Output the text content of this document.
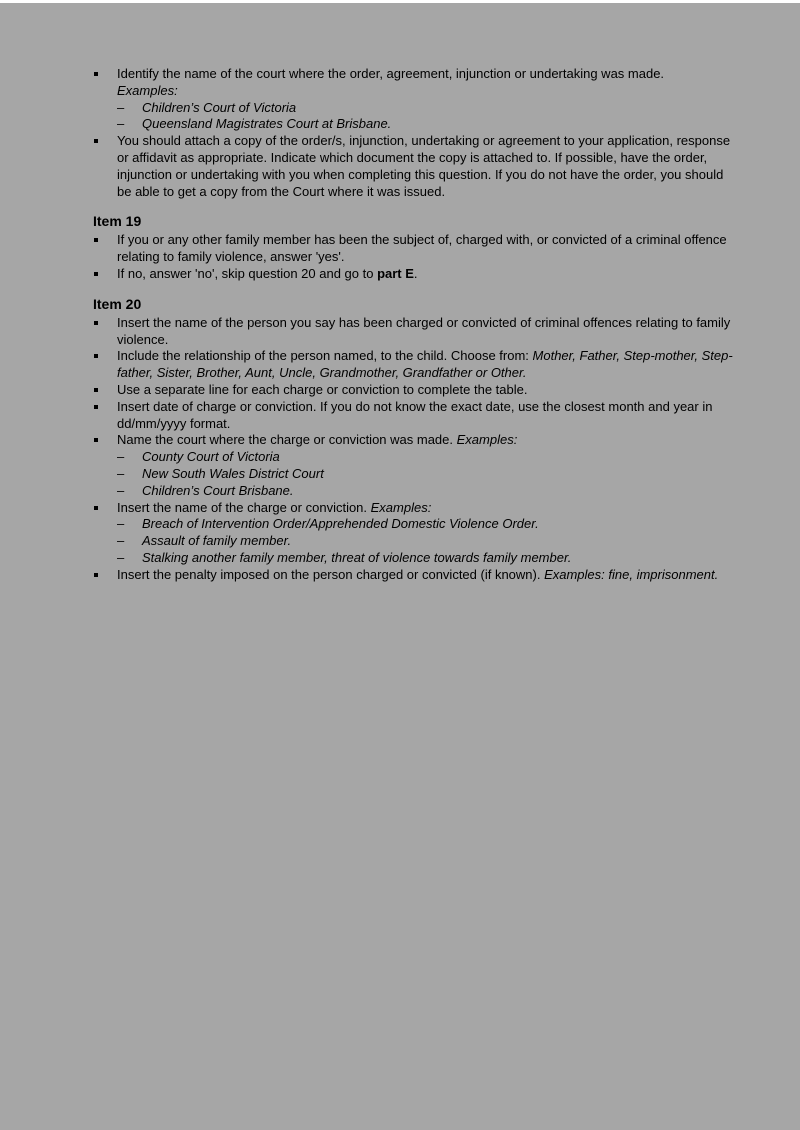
Identify the name of the court where the order, agreement, injunction or undertaking was made.
Examples:
– Children’s Court of Victoria
– Queensland Magistrates Court at Brisbane.
You should attach a copy of the order/s, injunction, undertaking or agreement to your application, response or affidavit as appropriate. Indicate which document the copy is attached to. If possible, have the order, injunction or undertaking with you when completing this question. If you do not have the order, you should be able to get a copy from the Court where it was issued.
Item 19
If you or any other family member has been the subject of, charged with, or convicted of a criminal offence relating to family violence, answer 'yes'.
If no, answer 'no', skip question 20 and go to part E.
Item 20
Insert the name of the person you say has been charged or convicted of criminal offences relating to family violence.
Include the relationship of the person named, to the child. Choose from: Mother, Father, Step-mother, Step-father, Sister, Brother, Aunt, Uncle, Grandmother, Grandfather or Other.
Use a separate line for each charge or conviction to complete the table.
Insert date of charge or conviction. If you do not know the exact date, use the closest month and year in dd/mm/yyyy format.
Name the court where the charge or conviction was made. Examples:
– County Court of Victoria
– New South Wales District Court
– Children’s Court Brisbane.
Insert the name of the charge or conviction. Examples:
– Breach of Intervention Order/Apprehended Domestic Violence Order.
– Assault of family member.
– Stalking another family member, threat of violence towards family member.
Insert the penalty imposed on the person charged or convicted (if known). Examples: fine, imprisonment.
